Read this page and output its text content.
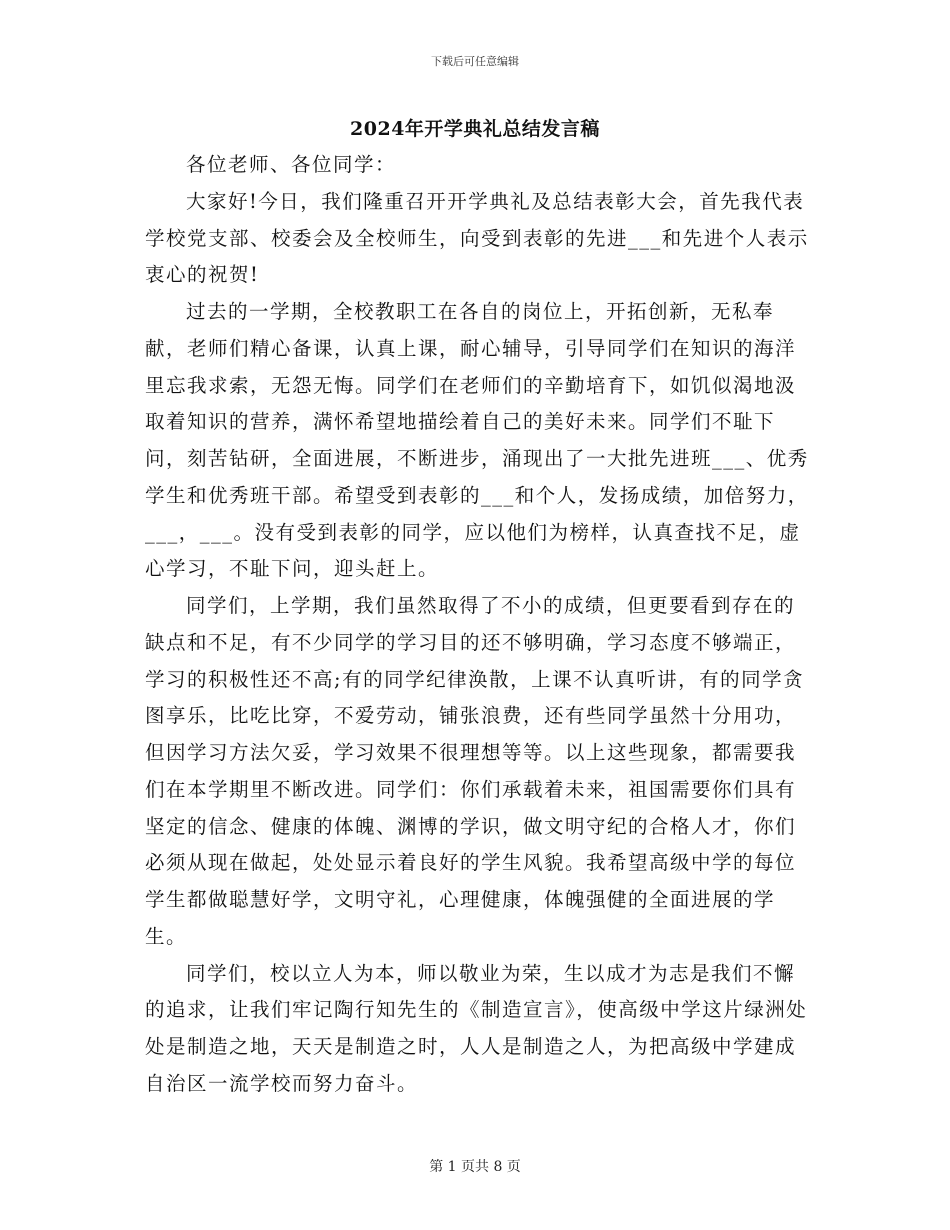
下载后可任意编辑
2024年开学典礼总结发言稿

各位老师、各位同学：

大家好!今日，我们隆重召开开学典礼及总结表彰大会，首先我代表学校党支部、校委会及全校师生，向受到表彰的先进___和先进个人表示衷心的祝贺!

过去的一学期，全校教职工在各自的岗位上，开拓创新，无私奉献，老师们精心备课，认真上课，耐心辅导，引导同学们在知识的海洋里忘我求索，无怨无悔。同学们在老师们的辛勤培育下，如饥似渴地汲取着知识的营养，满怀希望地描绘着自己的美好未来。同学们不耻下问，刻苦钻研，全面进展，不断进步，涌现出了一大批先进班___、优秀学生和优秀班干部。希望受到表彰的___和个人，发扬成绩，加倍努力，___，___。没有受到表彰的同学，应以他们为榜样，认真查找不足，虚心学习，不耻下问，迎头赶上。

同学们，上学期，我们虽然取得了不小的成绩，但更要看到存在的缺点和不足，有不少同学的学习目的还不够明确，学习态度不够端正，学习的积极性还不高;有的同学纪律涣散，上课不认真听讲，有的同学贪图享乐，比吃比穿，不爱劳动，铺张浪费，还有些同学虽然十分用功，但因学习方法欠妥，学习效果不很理想等等。以上这些现象，都需要我们在本学期里不断改进。同学们：你们承载着未来，祖国需要你们具有坚定的信念、健康的体魄、渊博的学识，做文明守纪的合格人才，你们必须从现在做起，处处显示着良好的学生风貌。我希望高级中学的每位学生都做聪慧好学，文明守礼，心理健康，体魄强健的全面进展的学生。

同学们，校以立人为本，师以敬业为荣，生以成才为志是我们不懈的追求，让我们牢记陶行知先生的《制造宣言》，使高级中学这片绿洲处处是制造之地，天天是制造之时，人人是制造之人，为把高级中学建成自治区一流学校而努力奋斗。

第 1 页共 8 页
